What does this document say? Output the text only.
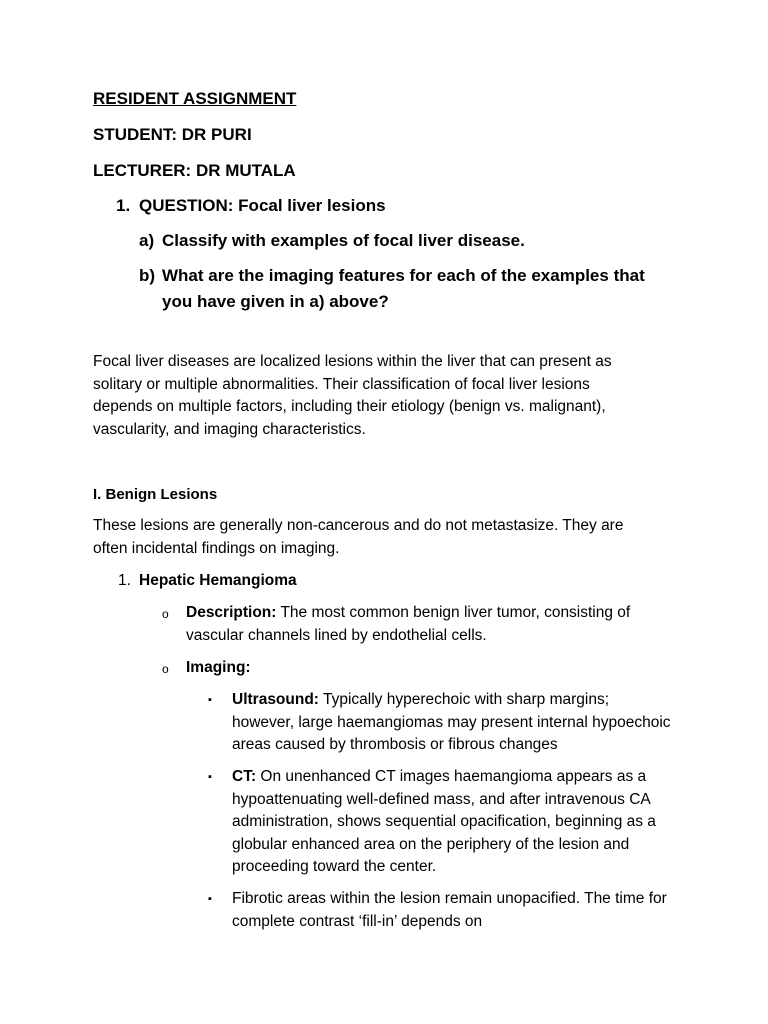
RESIDENT ASSIGNMENT
STUDENT: DR PURI
LECTURER: DR MUTALA
1. QUESTION: Focal liver lesions
a) Classify with examples of focal liver disease.
b) What are the imaging features for each of the examples that you have given in a) above?
Focal liver diseases are localized lesions within the liver that can present as solitary or multiple abnormalities. Their classification of focal liver lesions depends on multiple factors, including their etiology (benign vs. malignant), vascularity, and imaging characteristics.
I. Benign Lesions
These lesions are generally non-cancerous and do not metastasize. They are often incidental findings on imaging.
1. Hepatic Hemangioma
o Description: The most common benign liver tumor, consisting of vascular channels lined by endothelial cells.
o Imaging:
▪ Ultrasound: Typically hyperechoic with sharp margins; however, large haemangiomas may present internal hypoechoic areas caused by thrombosis or fibrous changes
▪ CT: On unenhanced CT images haemangioma appears as a hypoattenuating well-defined mass, and after intravenous CA administration, shows sequential opacification, beginning as a globular enhanced area on the periphery of the lesion and proceeding toward the center.
▪ Fibrotic areas within the lesion remain unopacified. The time for complete contrast ‘fill-in’ depends on
